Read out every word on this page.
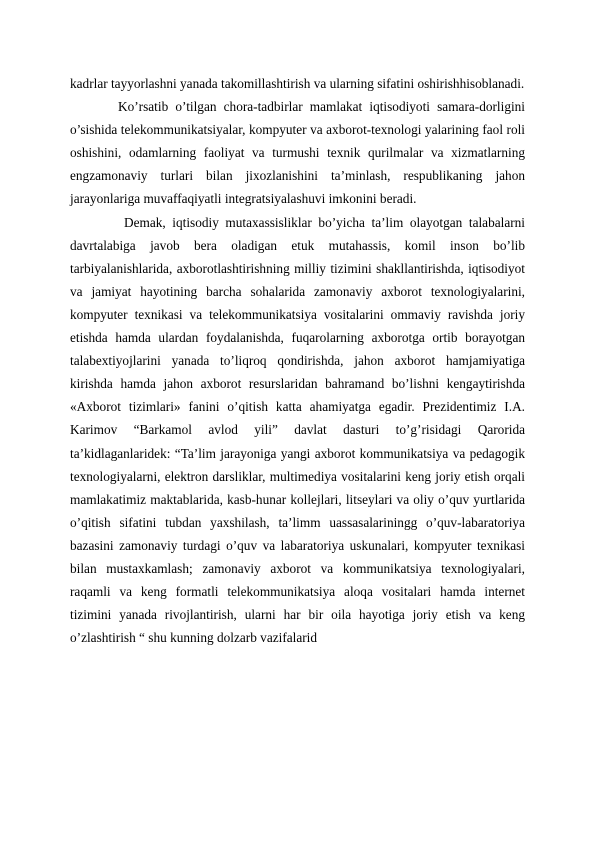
kadrlar tayyorlashni yanada takomillashtirish va ularning sifatini oshirishhisoblanadi.

Ko’rsatib o’tilgan chora-tadbirlar mamlakat iqtisodiyoti samara-dorligini o’sishida telekommunikatsiyalar, kompyuter va axborot-texnologi yalarining faol roli oshishini, odamlarning faoliyat va turmushi texnik qurilmalar va xizmatlarning engzamonaviy turlari bilan jixozlanishini ta’minlash, respublikaning jahon jarayonlariga muvaffaqiyatli integratsiyalashuvi imkonini beradi.

Demak, iqtisodiy mutaxassisliklar bo’yicha ta’lim olayotgan talabalarni davrtalabiga javob bera oladigan etuk mutahassis, komil inson bo’lib tarbiyalanishlarida, axborotlashtirishning milliy tizimini shakllantirishda, iqtisodiyot va jamiyat hayotining barcha sohalarida zamonaviy axborot texnologiyalarini, kompyuter texnikasi va telekommunikatsiya vositalarini ommaviy ravishda joriy etishda hamda ulardan foydalanishda, fuqarolarning axborotga ortib borayotgan talabextiyojlarini yanada to’liqroq qondirishda, jahon axborot hamjamiyatiga kirishda hamda jahon axborot resurslaridan bahramand bo’lishni kengaytirishda «Axborot tizimlari» fanini o’qitish katta ahamiyatga egadir. Prezidentimiz I.A. Karimov “Barkamol avlod yili” davlat dasturi to’g’risidagi Qarorida ta’kidlaganlaridek: “Ta’lim jarayoniga yangi axborot kommunikatsiya va pedagogik texnologiyalarni, elektron darsliklar, multimediya vositalarini keng joriy etish orqali mamlakatimiz maktablarida, kasb-hunar kollejlari, litseylari va oliy o’quv yurtlarida o’qitish sifatini tubdan yaxshilash, ta’limm uassasalariningg o’quv-labaratoriya bazasini zamonaviy turdagi o’quv va labaratoriya uskunalari, kompyuter texnikasi bilan mustaxkamlash; zamonaviy axborot va kommunikatsiya texnologiyalari, raqamli va keng formatli telekommunikatsiya aloqa vositalari hamda internet tizimini yanada rivojlantirish, ularni har bir oila hayotiga joriy etish va keng o’zlashtirish “ shu kunning dolzarb vazifalarid
